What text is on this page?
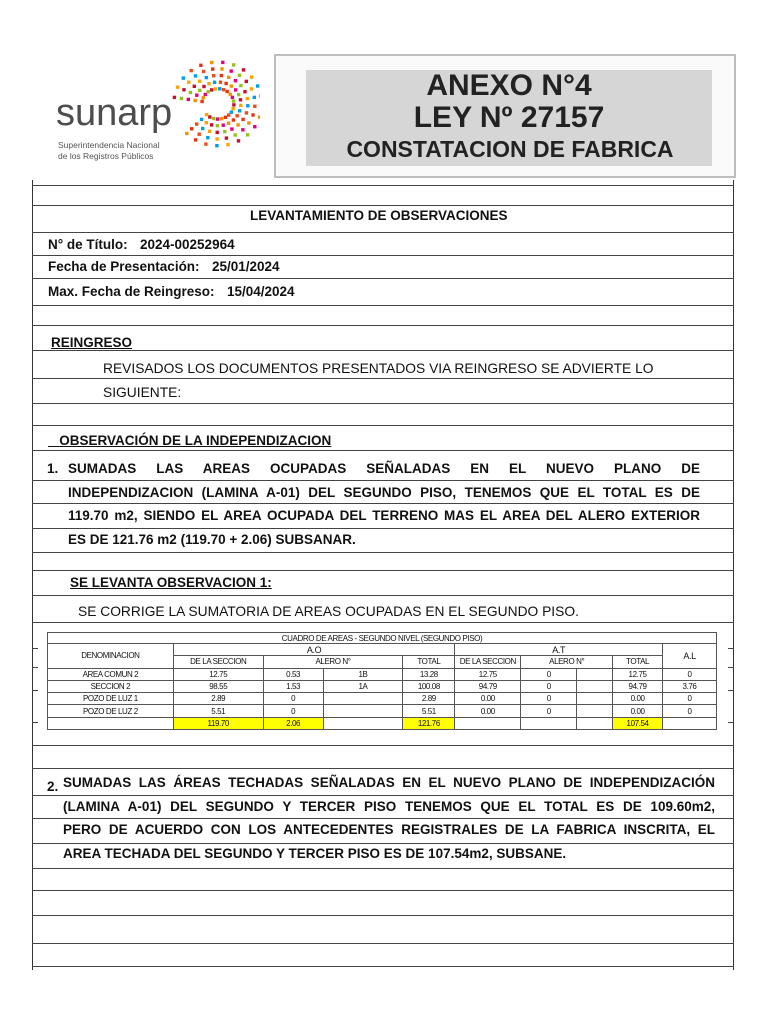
sunarp
Superintendencia Nacional
de los Registros Públicos
ANEXO N°4
LEY Nº 27157
CONSTATACION DE FABRICA
LEVANTAMIENTO DE OBSERVACIONES
N° de Título: 2024-00252964
Fecha de Presentación: 25/01/2024
Max. Fecha de Reingreso: 15/04/2024
REINGRESO
REVISADOS LOS DOCUMENTOS PRESENTADOS VIA REINGRESO SE ADVIERTE LO
SIGUIENTE:
OBSERVACIÓN DE LA INDEPENDIZACION
1. SUMADAS LAS AREAS OCUPADAS SEÑALADAS EN EL NUEVO PLANO DE
INDEPENDIZACION (LAMINA A-01) DEL SEGUNDO PISO, TENEMOS QUE EL TOTAL ES DE
119.70 m2, SIENDO EL AREA OCUPADA DEL TERRENO MAS EL AREA DEL ALERO EXTERIOR
ES DE 121.76 m2 (119.70 + 2.06) SUBSANAR.
SE LEVANTA OBSERVACION 1:
SE CORRIGE LA SUMATORIA DE AREAS OCUPADAS EN EL SEGUNDO PISO.
CUADRO DE AREAS - SEGUNDO NIVEL (SEGUNDO PISO)									
DENOMINACION	A.O				A.T				A.L
	DE LA SECCION	ALERO N°		TOTAL	DE LA SECCION	ALERO N°		TOTAL	
AREA COMUN 2	12.75	0.53	1B	13.28	12.75	0		12.75	0
SECCION 2	98.55	1.53	1A	100.08	94.79	0		94.79	3.76
POZO DE LUZ 1	2.89	0		2.89	0.00	0		0.00	0
POZO DE LUZ 2	5.51	0		5.51	0.00	0		0.00	0
	119.70	2.06		121.76				107.54	
2. SUMADAS LAS ÁREAS TECHADAS SEÑALADAS EN EL NUEVO PLANO DE INDEPENDIZACIÓN
(LAMINA A-01) DEL SEGUNDO Y TERCER PISO TENEMOS QUE EL TOTAL ES DE 109.60m2,
PERO DE ACUERDO CON LOS ANTECEDENTES REGISTRALES DE LA FABRICA INSCRITA, EL
AREA TECHADA DEL SEGUNDO Y TERCER PISO ES DE 107.54m2, SUBSANE.
